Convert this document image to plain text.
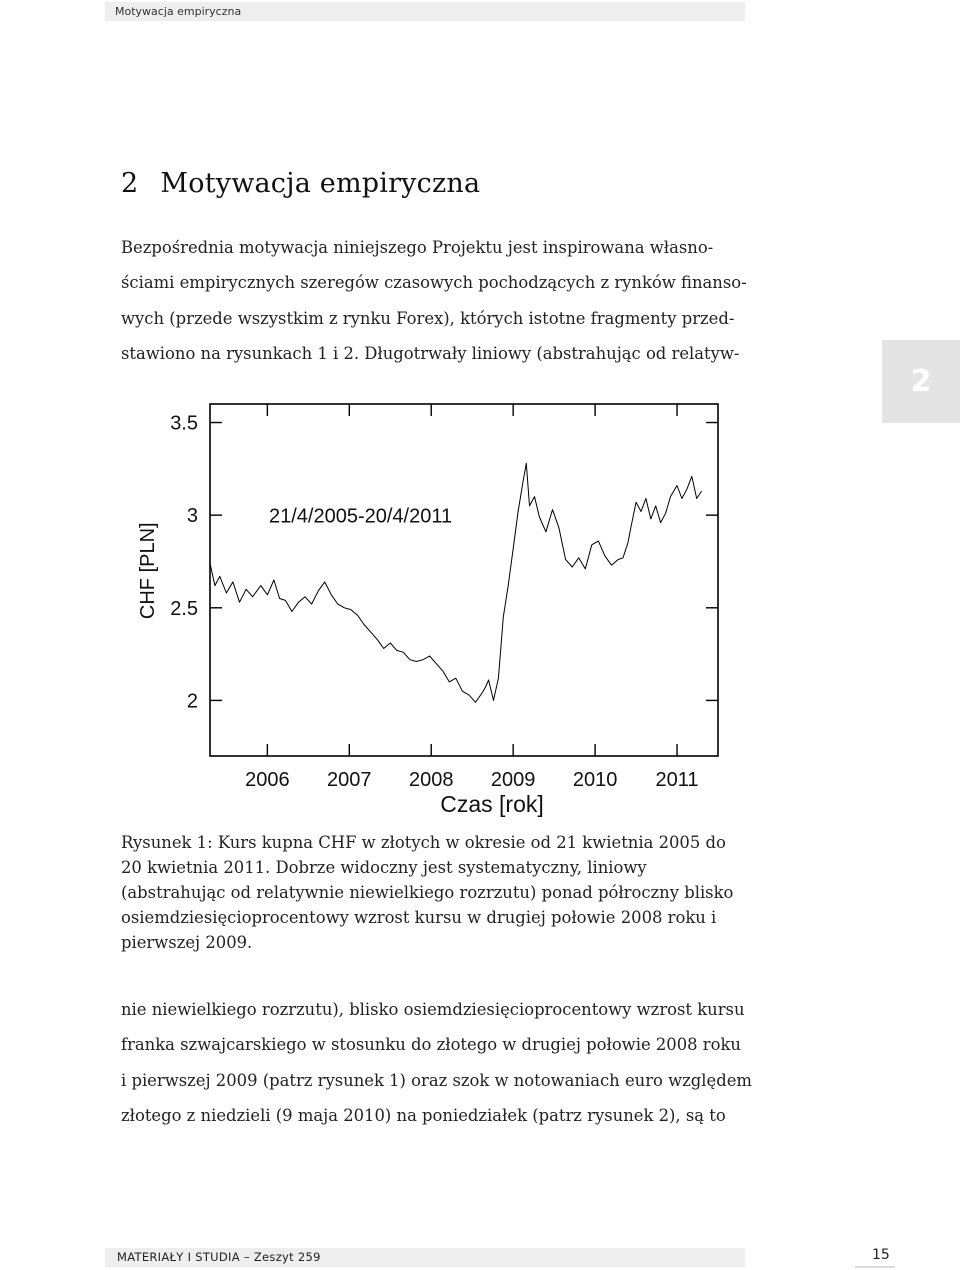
Motywacja empiryczna
2
2 Motywacja empiryczna
Bezpośrednia motywacja niniejszego Projektu jest inspirowana własno-
ściami empirycznych szeregów czasowych pochodzących z rynków finanso-
wych (przede wszystkim z rynku Forex), których istotne fragmenty przed-
stawiono na rysunkach 1 i 2. Długotrwały liniowy (abstrahując od relatyw-
2006 2007 2008 2009 2010 2011
2
2.5
3
3.5
Czas [rok]
CHF [PLN]
21/4/2005-20/4/2011
Rysunek 1: Kurs kupna CHF w złotych w okresie od 21 kwietnia 2005 do 20 kwietnia 2011. Dobrze widoczny jest systematyczny, liniowy (abstrahując od relatywnie niewielkiego rozrzutu) ponad półroczny blisko osiemdziesięcioprocentowy wzrost kursu w drugiej połowie 2008 roku i pierwszej 2009.
nie niewielkiego rozrzutu), blisko osiemdziesięcioprocentowy wzrost kursu
franka szwajcarskiego w stosunku do złotego w drugiej połowie 2008 roku
i pierwszej 2009 (patrz rysunek 1) oraz szok w notowaniach euro względem
złotego z niedzieli (9 maja 2010) na poniedziałek (patrz rysunek 2), są to
MATERIAŁY I STUDIA – Zeszyt 259	15
